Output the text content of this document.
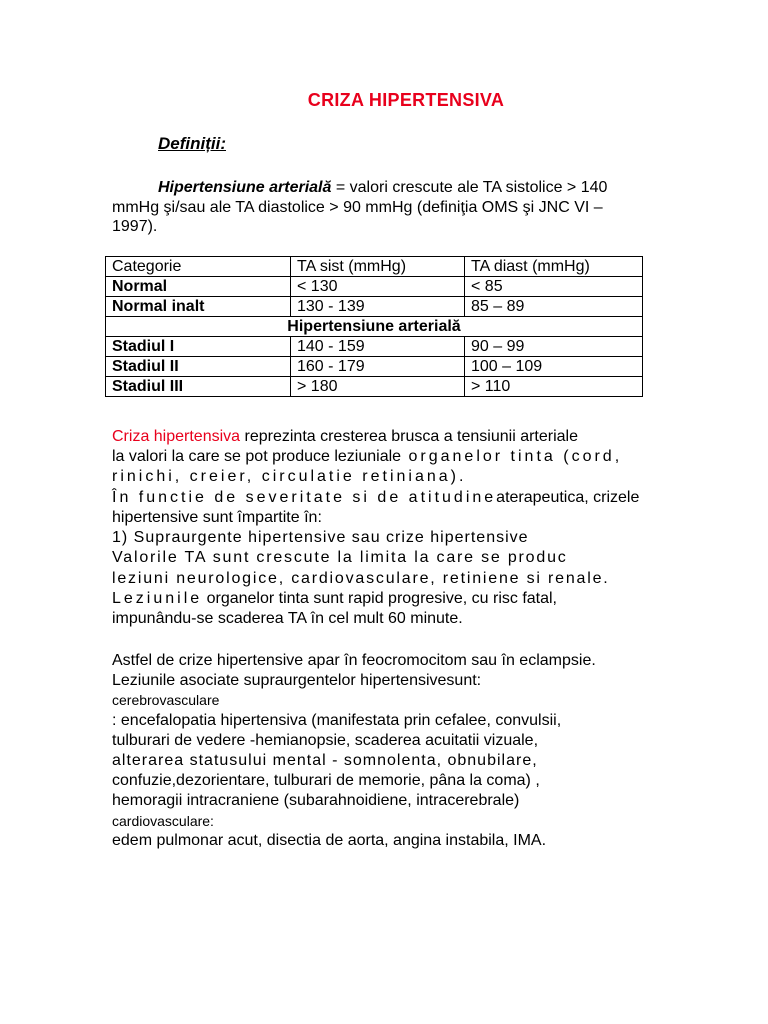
CRIZA HIPERTENSIVA
Definiții:
Hipertensiune arterială = valori crescute ale TA sistolice > 140
mmHg şi/sau ale TA diastolice > 90 mmHg (definiţia OMS şi JNC VI –
1997).
Categorie	TA sist (mmHg)	TA diast (mmHg)
Normal	< 130	< 85
Normal inalt	130 - 139	85 – 89
Hipertensiune arterială		
Stadiul I	140 - 159	90 – 99
Stadiul II	160 - 179	100 – 109
Stadiul III	> 180	> 110
Criza hipertensiva reprezinta cresterea brusca a tensiunii arteriale
la valori la care se pot produce leziuniale organelor tinta (cord,
rinichi, creier, circulatie retiniana).
În functie de severitate si de atitudineaterapeutica, crizele
hipertensive sunt împartite în:
1) Supraurgente hipertensive sau crize hipertensive
Valorile TA sunt crescute la limita la care se produc
leziuni neurologice, cardiovasculare, retiniene si renale.
Leziunile organelor tinta sunt rapid progresive, cu risc fatal,
impunându-se scaderea TA în cel mult 60 minute.
Astfel de crize hipertensive apar în feocromocitom sau în eclampsie.
Leziunile asociate supraurgentelor hipertensivesunt:
cerebrovasculare
: encefalopatia hipertensiva (manifestata prin cefalee, convulsii,
tulburari de vedere -hemianopsie, scaderea acuitatii vizuale,
alterarea statusului mental - somnolenta, obnubilare,
confuzie,dezorientare, tulburari de memorie, pâna la coma) ,
hemoragii intracraniene (subarahnoidiene, intracerebrale)
cardiovasculare:
edem pulmonar acut, disectia de aorta, angina instabila, IMA.
